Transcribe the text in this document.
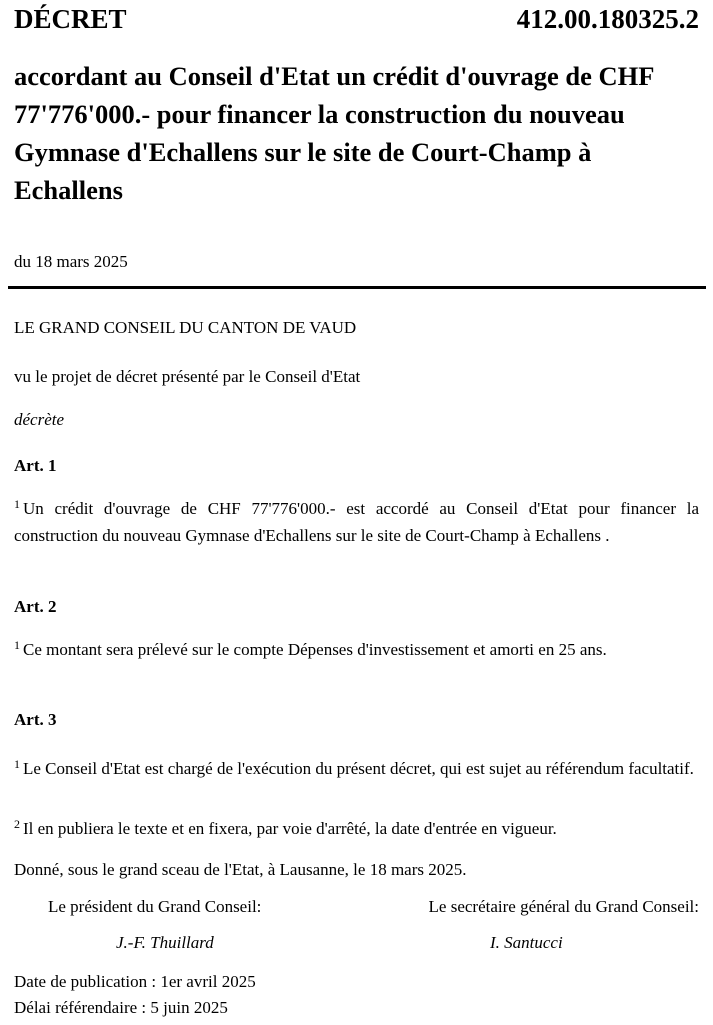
DÉCRET	412.00.180325.2

accordant au Conseil d'Etat un crédit d'ouvrage de CHF 77'776'000.- pour financer la construction du nouveau Gymnase d'Echallens sur le site de Court-Champ à Echallens

du 18 mars 2025
LE GRAND CONSEIL DU CANTON DE VAUD
vu le projet de décret présenté par le Conseil d'Etat
décrète
Art. 1

$^1$ Un crédit d'ouvrage de CHF 77'776'000.- est accordé au Conseil d'Etat pour financer la construction du nouveau Gymnase d'Echallens sur le site de Court-Champ à Echallens .

Art. 2

$^1$ Ce montant sera prélevé sur le compte Dépenses d'investissement et amorti en 25 ans.

Art. 3

$^1$ Le Conseil d'Etat est chargé de l'exécution du présent décret, qui est sujet au référendum facultatif.

$^2$ Il en publiera le texte et en fixera, par voie d'arrêté, la date d'entrée en vigueur.

Donné, sous le grand sceau de l'Etat, à Lausanne, le 18 mars 2025.
Le président du Grand Conseil:	Le secrétaire général du Grand Conseil:
J.-F. Thuillard	I. Santucci
Date de publication : 1er avril 2025
Délai référendaire : 5 juin 2025
